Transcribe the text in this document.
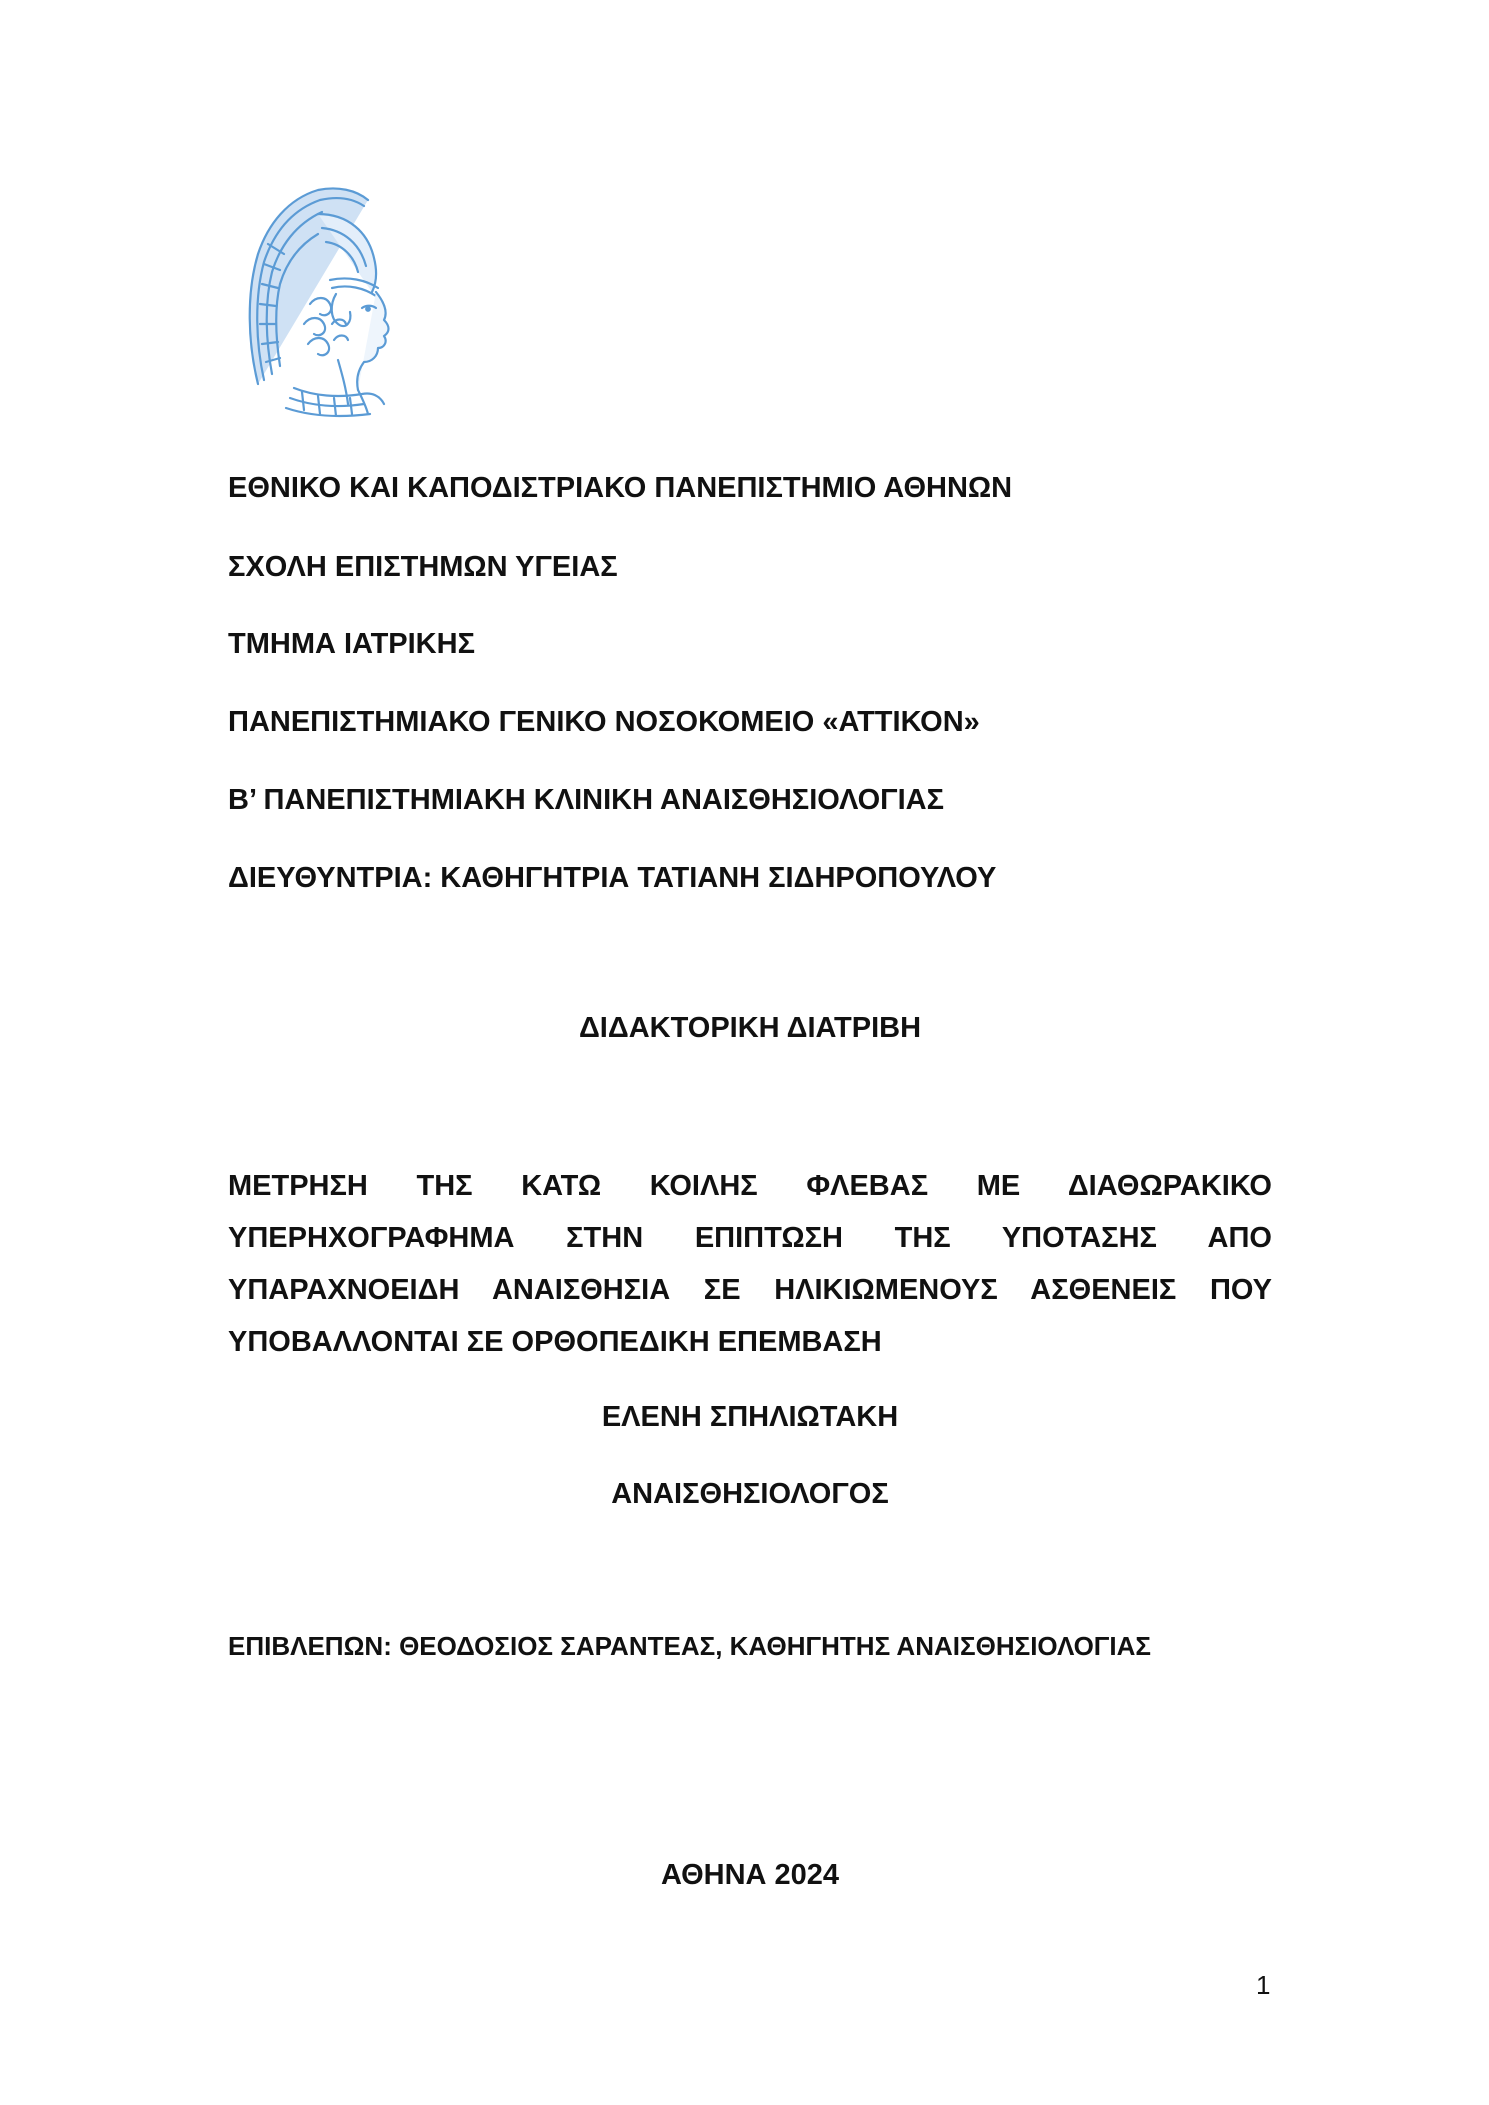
ΕΘΝΙΚΟ ΚΑΙ ΚΑΠΟΔΙΣΤΡΙΑΚΟ ΠΑΝΕΠΙΣΤΗΜΙΟ ΑΘΗΝΩΝ
ΣΧΟΛΗ ΕΠΙΣΤΗΜΩΝ ΥΓΕΙΑΣ
ΤΜΗΜΑ ΙΑΤΡΙΚΗΣ
ΠΑΝΕΠΙΣΤΗΜΙΑΚΟ ΓΕΝΙΚΟ ΝΟΣΟΚΟΜΕΙΟ «ΑΤΤΙΚΟΝ»
Β’ ΠΑΝΕΠΙΣΤΗΜΙΑΚΗ ΚΛΙΝΙΚΗ ΑΝΑΙΣΘΗΣΙΟΛΟΓΙΑΣ
ΔΙΕΥΘΥΝΤΡΙΑ: ΚΑΘΗΓΗΤΡΙΑ ΤΑΤΙΑΝΗ ΣΙΔΗΡΟΠΟΥΛΟΥ
ΔΙΔΑΚΤΟΡΙΚΗ ΔΙΑΤΡΙΒΗ
ΜΕΤΡΗΣΗ ΤΗΣ ΚΑΤΩ ΚΟΙΛΗΣ ΦΛΕΒΑΣ ΜΕ ΔΙΑΘΩΡΑΚΙΚΟ
ΥΠΕΡΗΧΟΓΡΑΦΗΜΑ ΣΤΗΝ ΕΠΙΠΤΩΣΗ ΤΗΣ ΥΠΟΤΑΣΗΣ ΑΠΟ
ΥΠΑΡΑΧΝΟΕΙΔΗ ΑΝΑΙΣΘΗΣΙΑ ΣΕ ΗΛΙΚΙΩΜΕΝΟΥΣ ΑΣΘΕΝΕΙΣ ΠΟΥ
ΥΠΟΒΑΛΛΟΝΤΑΙ ΣΕ ΟΡΘΟΠΕΔΙΚΗ ΕΠΕΜΒΑΣΗ
ΕΛΕΝΗ ΣΠΗΛΙΩΤΑΚΗ
ΑΝΑΙΣΘΗΣΙΟΛΟΓΟΣ
ΕΠΙΒΛΕΠΩΝ: ΘΕΟΔΟΣΙΟΣ ΣΑΡΑΝΤΕΑΣ, ΚΑΘΗΓΗΤΗΣ ΑΝΑΙΣΘΗΣΙΟΛΟΓΙΑΣ
ΑΘΗΝΑ 2024
1
